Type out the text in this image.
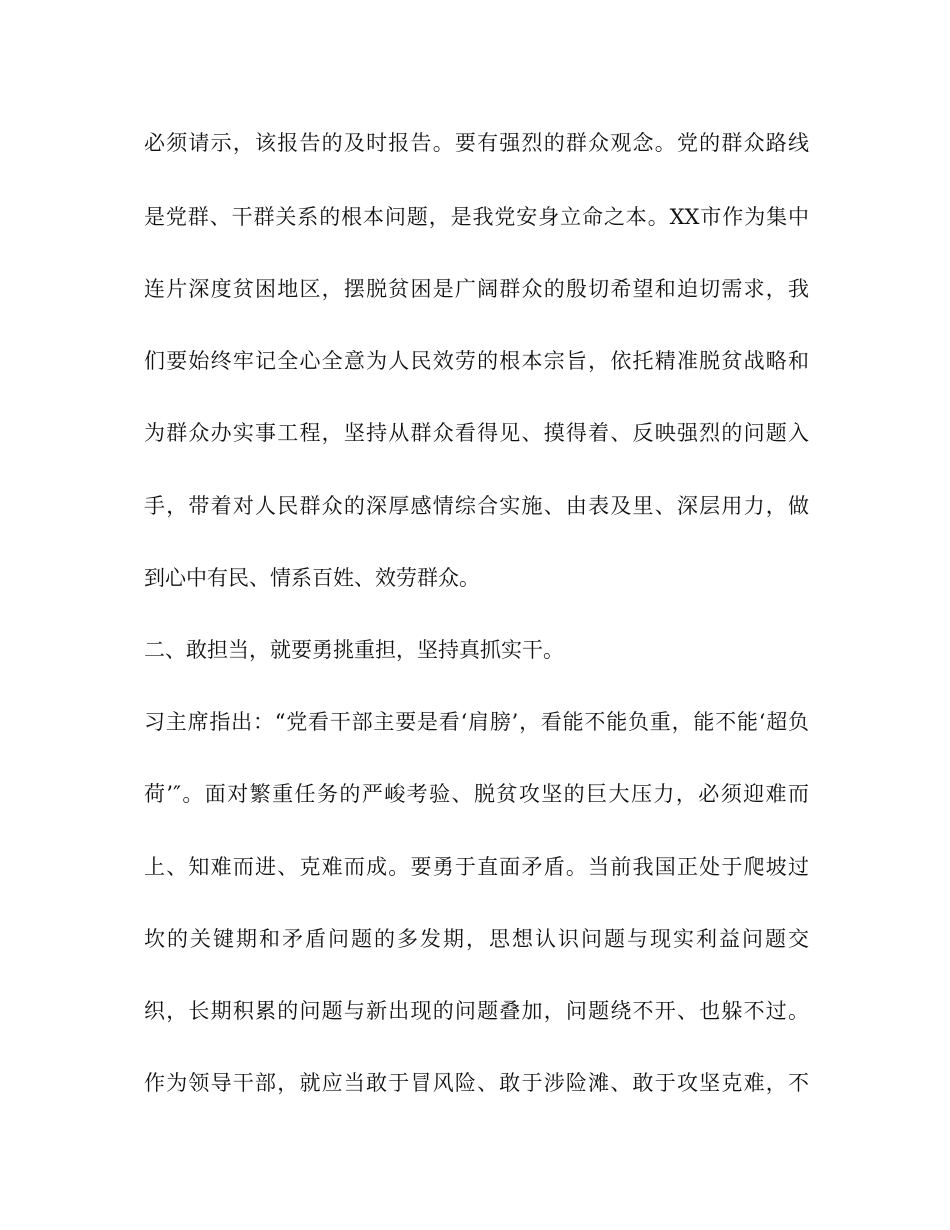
必须请示，该报告的及时报告。要有强烈的群众观念。党的群众路线
是党群、干群关系的根本问题，是我党安身立命之本。XX市作为集中
连片深度贫困地区，摆脱贫困是广阔群众的殷切希望和迫切需求，我
们要始终牢记全心全意为人民效劳的根本宗旨，依托精准脱贫战略和
为群众办实事工程，坚持从群众看得见、摸得着、反映强烈的问题入
手，带着对人民群众的深厚感情综合实施、由表及里、深层用力，做
到心中有民、情系百姓、效劳群众。
二、敢担当，就要勇挑重担，坚持真抓实干。
习主席指出：“党看干部主要是看‘肩膀’，看能不能负重，能不能‘超负
荷’″。面对繁重任务的严峻考验、脱贫攻坚的巨大压力，必须迎难而
上、知难而进、克难而成。要勇于直面矛盾。当前我国正处于爬坡过
坎的关键期和矛盾问题的多发期，思想认识问题与现实利益问题交
织，长期积累的问题与新出现的问题叠加，问题绕不开、也躲不过。
作为领导干部，就应当敢于冒风险、敢于涉险滩、敢于攻坚克难，不
